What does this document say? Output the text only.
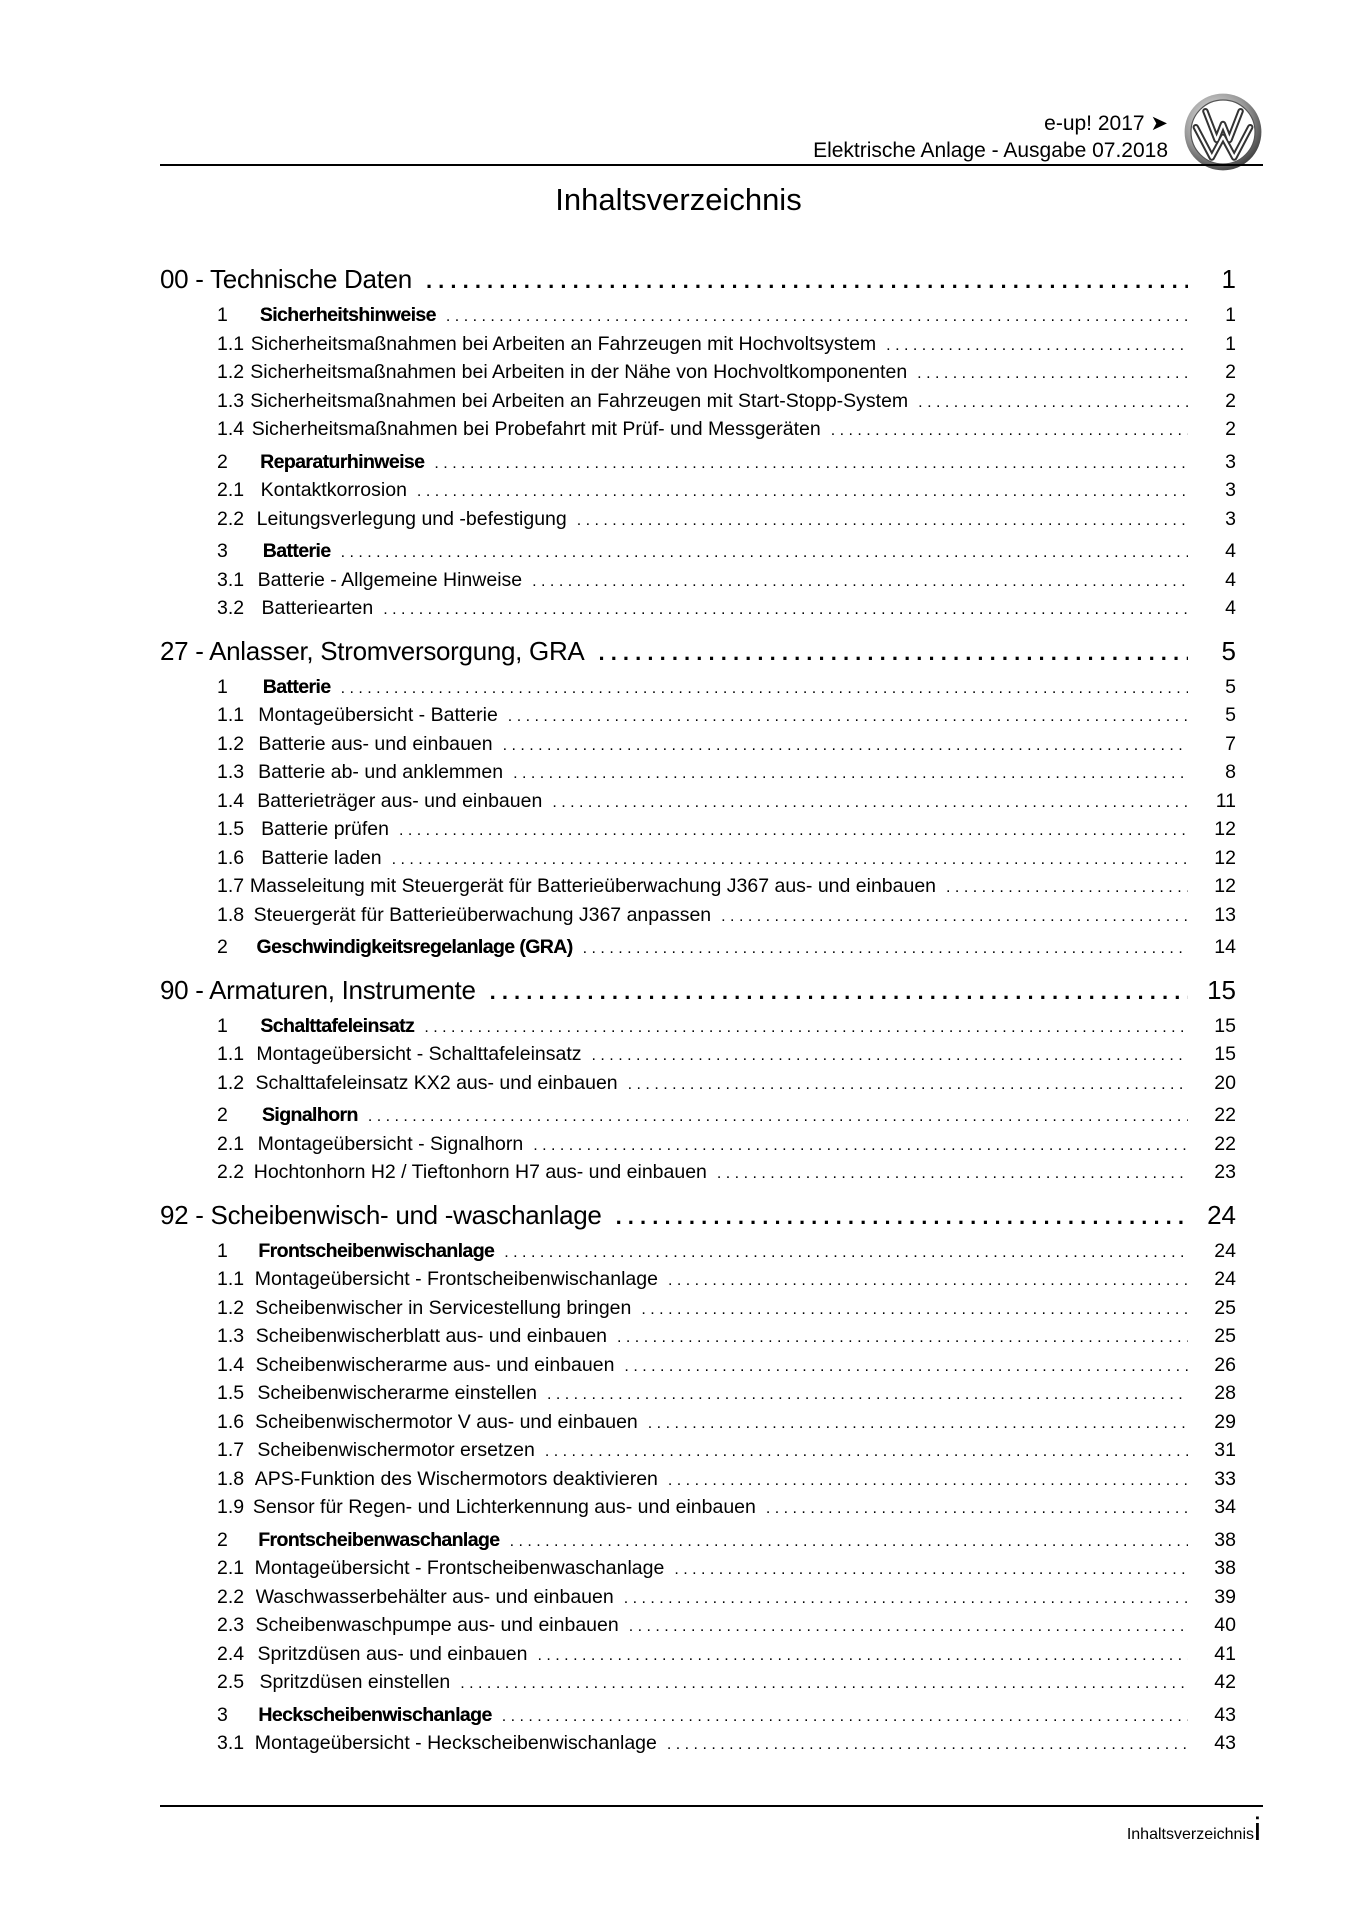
e-up! 2017 ➤
Elektrische Anlage - Ausgabe 07.2018
Inhaltsverzeichnis
00 - Technische Daten . . .	1
1	Sicherheitshinweise . . .	1
1.1 Sicherheitsmaßnahmen bei Arbeiten an Fahrzeugen mit Hochvoltsystem . . .	1
1.2 Sicherheitsmaßnahmen bei Arbeiten in der Nähe von Hochvoltkomponenten . . .	2
1.3 Sicherheitsmaßnahmen bei Arbeiten an Fahrzeugen mit Start-Stopp-System . . .	2
1.4 Sicherheitsmaßnahmen bei Probefahrt mit Prüf- und Messgeräten . . .	2
2	Reparaturhinweise . . .	3
2.1 Kontaktkorrosion . . .	3
2.2 Leitungsverlegung und -befestigung . . .	3
3	Batterie . . .	4
3.1 Batterie - Allgemeine Hinweise . . .	4
3.2 Batteriearten . . .	4
27 - Anlasser, Stromversorgung, GRA . . .	5
1	Batterie . . .	5
1.1 Montageübersicht - Batterie . . .	5
1.2 Batterie aus- und einbauen . . .	7
1.3 Batterie ab- und anklemmen . . .	8
1.4 Batterieträger aus- und einbauen . . .	11
1.5 Batterie prüfen . . .	12
1.6 Batterie laden . . .	12
1.7 Masseleitung mit Steuergerät für Batterieüberwachung J367 aus- und einbauen . . .	12
1.8 Steuergerät für Batterieüberwachung J367 anpassen . . .	13
2	Geschwindigkeitsregelanlage (GRA) . . .	14
90 - Armaturen, Instrumente . . .	15
1	Schalttafeleinsatz . . .	15
1.1 Montageübersicht - Schalttafeleinsatz . . .	15
1.2 Schalttafeleinsatz KX2 aus- und einbauen . . .	20
2	Signalhorn . . .	22
2.1 Montageübersicht - Signalhorn . . .	22
2.2 Hochtonhorn H2 / Tieftonhorn H7 aus- und einbauen . . .	23
92 - Scheibenwisch- und -waschanlage . . .	24
1	Frontscheibenwischanlage . . .	24
1.1 Montageübersicht - Frontscheibenwischanlage . . .	24
1.2 Scheibenwischer in Servicestellung bringen . . .	25
1.3 Scheibenwischerblatt aus- und einbauen . . .	25
1.4 Scheibenwischerarme aus- und einbauen . . .	26
1.5 Scheibenwischerarme einstellen . . .	28
1.6 Scheibenwischermotor V aus- und einbauen . . .	29
1.7 Scheibenwischermotor ersetzen . . .	31
1.8 APS-Funktion des Wischermotors deaktivieren . . .	33
1.9 Sensor für Regen- und Lichterkennung aus- und einbauen . . .	34
2	Frontscheibenwaschanlage . . .	38
2.1 Montageübersicht - Frontscheibenwaschanlage . . .	38
2.2 Waschwasserbehälter aus- und einbauen . . .	39
2.3 Scheibenwaschpumpe aus- und einbauen . . .	40
2.4 Spritzdüsen aus- und einbauen . . .	41
2.5 Spritzdüsen einstellen . . .	42
3	Heckscheibenwischanlage . . .	43
3.1 Montageübersicht - Heckscheibenwischanlage . . .	43
Inhaltsverzeichnis i
